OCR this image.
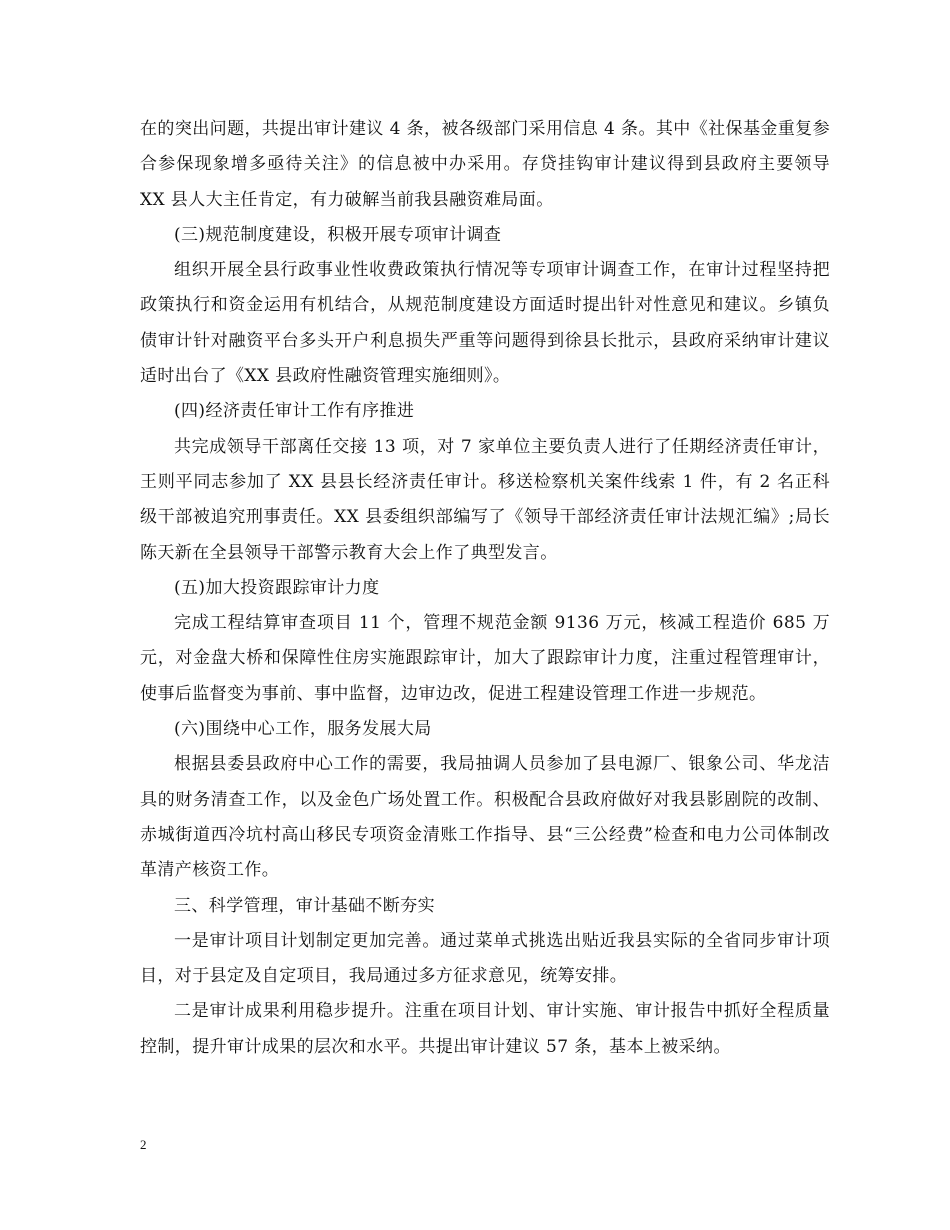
在的突出问题，共提出审计建议 4 条，被各级部门采用信息 4 条。其中《社保基金重复参合参保现象增多亟待关注》的信息被中办采用。存贷挂钩审计建议得到县政府主要领导 XX 县人大主任肯定，有力破解当前我县融资难局面。

(三)规范制度建设，积极开展专项审计调查

组织开展全县行政事业性收费政策执行情况等专项审计调查工作，在审计过程坚持把政策执行和资金运用有机结合，从规范制度建设方面适时提出针对性意见和建议。乡镇负债审计针对融资平台多头开户利息损失严重等问题得到徐县长批示，县政府采纳审计建议适时出台了《XX 县政府性融资管理实施细则》。

(四)经济责任审计工作有序推进

共完成领导干部离任交接 13 项，对 7 家单位主要负责人进行了任期经济责任审计，王则平同志参加了 XX 县县长经济责任审计。移送检察机关案件线索 1 件，有 2 名正科级干部被追究刑事责任。XX 县委组织部编写了《领导干部经济责任审计法规汇编》;局长陈天新在全县领导干部警示教育大会上作了典型发言。

(五)加大投资跟踪审计力度

完成工程结算审查项目 11 个，管理不规范金额 9136 万元，核减工程造价 685 万元，对金盘大桥和保障性住房实施跟踪审计，加大了跟踪审计力度，注重过程管理审计，使事后监督变为事前、事中监督，边审边改，促进工程建设管理工作进一步规范。

(六)围绕中心工作，服务发展大局

根据县委县政府中心工作的需要，我局抽调人员参加了县电源厂、银象公司、华龙洁具的财务清查工作，以及金色广场处置工作。积极配合县政府做好对我县影剧院的改制、赤城街道西冷坑村高山移民专项资金清账工作指导、县“三公经费”检查和电力公司体制改革清产核资工作。

三、科学管理，审计基础不断夯实

一是审计项目计划制定更加完善。通过菜单式挑选出贴近我县实际的全省同步审计项目，对于县定及自定项目，我局通过多方征求意见，统筹安排。

二是审计成果利用稳步提升。注重在项目计划、审计实施、审计报告中抓好全程质量控制，提升审计成果的层次和水平。共提出审计建议 57 条，基本上被采纳。

2
